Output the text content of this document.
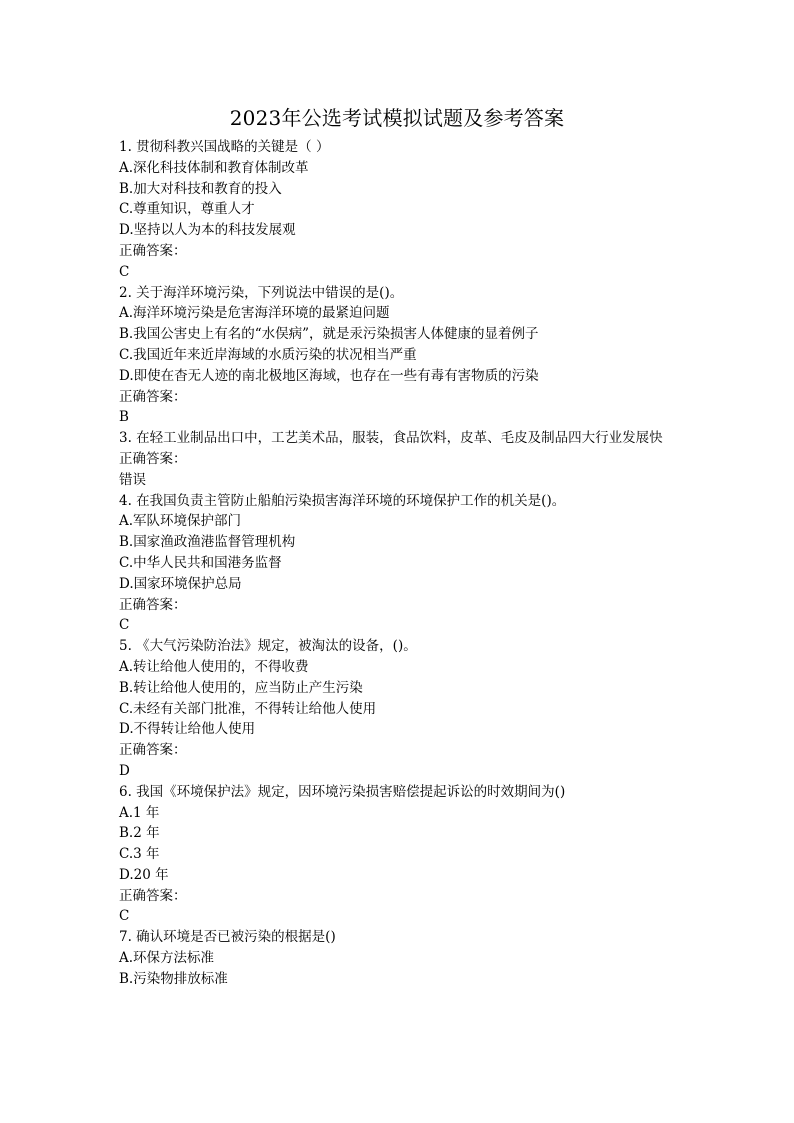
2023年公选考试模拟试题及参考答案
1. 贯彻科教兴国战略的关键是（ ）
A.深化科技体制和教育体制改革
B.加大对科技和教育的投入
C.尊重知识，尊重人才
D.坚持以人为本的科技发展观
正确答案：
C
2. 关于海洋环境污染，下列说法中错误的是()。
A.海洋环境污染是危害海洋环境的最紧迫问题
B.我国公害史上有名的“水俣病”，就是汞污染损害人体健康的显着例子
C.我国近年来近岸海域的水质污染的状况相当严重
D.即使在杳无人迹的南北极地区海域，也存在一些有毒有害物质的污染
正确答案：
B
3. 在轻工业制品出口中，工艺美术品，服装，食品饮料，皮革、毛皮及制品四大行业发展快
正确答案：
错误
4. 在我国负责主管防止船舶污染损害海洋环境的环境保护工作的机关是()。
A.军队环境保护部门
B.国家渔政渔港监督管理机构
C.中华人民共和国港务监督
D.国家环境保护总局
正确答案：
C
5. 《大气污染防治法》规定，被淘汰的设备，()。
A.转让给他人使用的，不得收费
B.转让给他人使用的，应当防止产生污染
C.未经有关部门批准，不得转让给他人使用
D.不得转让给他人使用
正确答案：
D
6. 我国《环境保护法》规定，因环境污染损害赔偿提起诉讼的时效期间为()
A.1 年
B.2 年
C.3 年
D.20 年
正确答案：
C
7. 确认环境是否已被污染的根据是()
A.环保方法标准
B.污染物排放标准
